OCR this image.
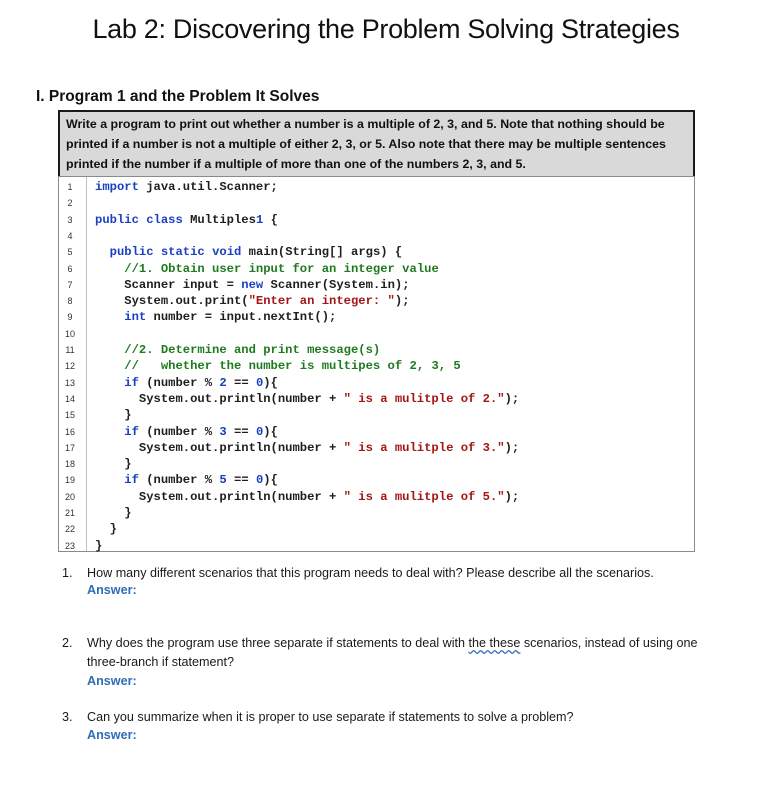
Lab 2: Discovering the Problem Solving Strategies
I. Program 1 and the Problem It Solves
Write a program to print out whether a number is a multiple of 2, 3, and 5. Note that nothing should be printed if a number is not a multiple of either 2, 3, or 5. Also note that there may be multiple sentences printed if the number if a multiple of more than one of the numbers 2, 3, and 5.
1	import java.util.Scanner;
2
3	public class Multiples1 {
4
5	public static void main(String[] args) {
6	//1. Obtain user input for an integer value
7	Scanner input = new Scanner(System.in);
8	System.out.print("Enter an integer: ");
9	int number = input.nextInt();
10
11	//2. Determine and print message(s)
12	//   whether the number is multipes of 2, 3, 5
13	if (number % 2 == 0){
14	System.out.println(number + " is a mulitple of 2.");
15	}
16	if (number % 3 == 0){
17	System.out.println(number + " is a mulitple of 3.");
18	}
19	if (number % 5 == 0){
20	System.out.println(number + " is a mulitple of 5.");
21	}
22	}
23	}
1. How many different scenarios that this program needs to deal with? Please describe all the scenarios.
Answer:
2. Why does the program use three separate if statements to deal with the these scenarios, instead of using one three-branch if statement?
Answer:
3. Can you summarize when it is proper to use separate if statements to solve a problem?
Answer:
